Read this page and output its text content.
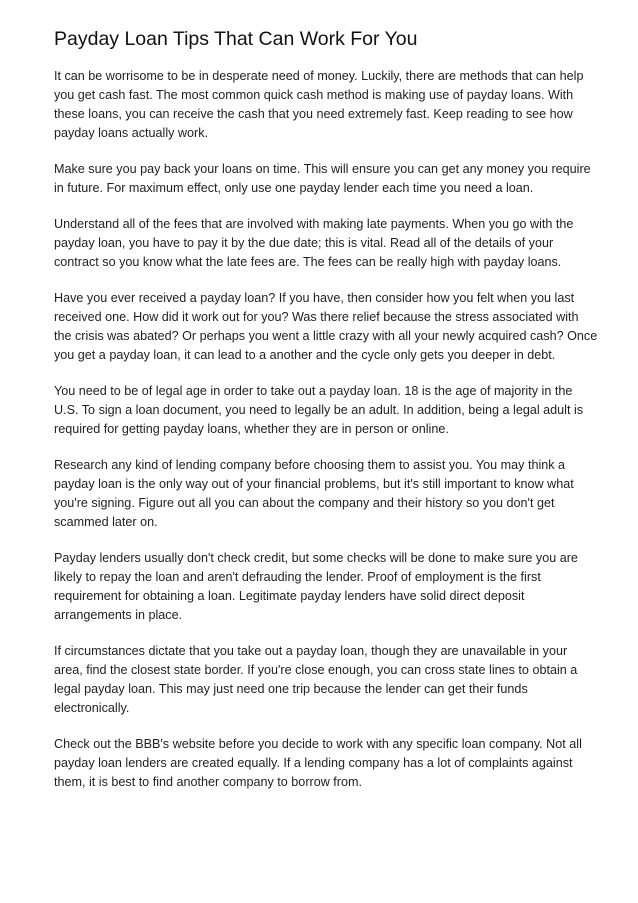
Payday Loan Tips That Can Work For You

It can be worrisome to be in desperate need of money. Luckily, there are methods that can help you get cash fast. The most common quick cash method is making use of payday loans. With these loans, you can receive the cash that you need extremely fast. Keep reading to see how payday loans actually work.

Make sure you pay back your loans on time. This will ensure you can get any money you require in future. For maximum effect, only use one payday lender each time you need a loan.

Understand all of the fees that are involved with making late payments. When you go with the payday loan, you have to pay it by the due date; this is vital. Read all of the details of your contract so you know what the late fees are. The fees can be really high with payday loans.

Have you ever received a payday loan? If you have, then consider how you felt when you last received one. How did it work out for you? Was there relief because the stress associated with the crisis was abated? Or perhaps you went a little crazy with all your newly acquired cash? Once you get a payday loan, it can lead to a another and the cycle only gets you deeper in debt.

You need to be of legal age in order to take out a payday loan. 18 is the age of majority in the U.S. To sign a loan document, you need to legally be an adult. In addition, being a legal adult is required for getting payday loans, whether they are in person or online.

Research any kind of lending company before choosing them to assist you. You may think a payday loan is the only way out of your financial problems, but it's still important to know what you're signing. Figure out all you can about the company and their history so you don't get scammed later on.

Payday lenders usually don't check credit, but some checks will be done to make sure you are likely to repay the loan and aren't defrauding the lender. Proof of employment is the first requirement for obtaining a loan. Legitimate payday lenders have solid direct deposit arrangements in place.

If circumstances dictate that you take out a payday loan, though they are unavailable in your area, find the closest state border. If you're close enough, you can cross state lines to obtain a legal payday loan. This may just need one trip because the lender can get their funds electronically.

Check out the BBB's website before you decide to work with any specific loan company. Not all payday loan lenders are created equally. If a lending company has a lot of complaints against them, it is best to find another company to borrow from.
